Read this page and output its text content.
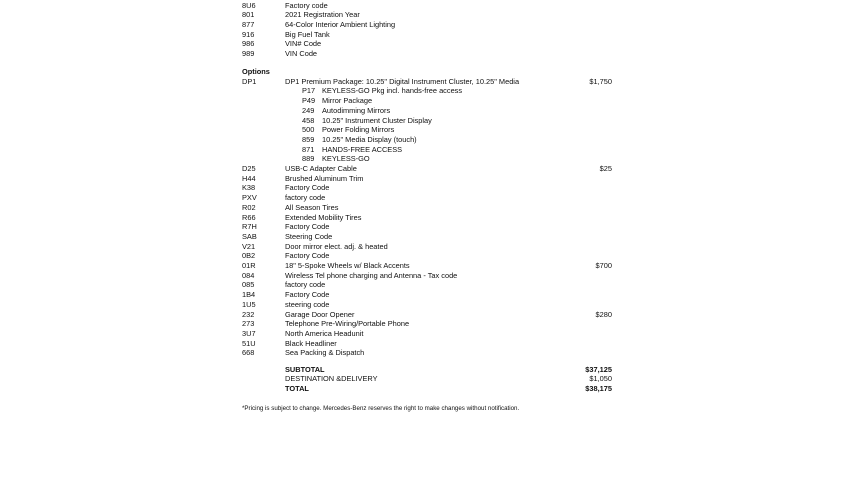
8U6	Factory code
801	2021 Registration Year
877	64-Color Interior Ambient Lighting
916	Big Fuel Tank
986	VIN# Code
989	VIN Code
Options
DP1	DP1 Premium Package: 10.25" Digital Instrument Cluster, 10.25" Media	$1,750
P17 KEYLESS-GO Pkg incl. hands-free access
P49 Mirror Package
249 Autodimming Mirrors
458 10.25" Instrument Cluster Display
500 Power Folding Mirrors
859 10.25" Media Display (touch)
871 HANDS-FREE ACCESS
889 KEYLESS-GO
D25	USB-C Adapter Cable	$25
H44	Brushed Aluminum Trim
K38	Factory Code
PXV	factory code
R02	All Season Tires
R66	Extended Mobility Tires
R7H	Factory Code
SAB	Steering Code
V21	Door mirror elect. adj. & heated
0B2	Factory Code
01R	18" 5-Spoke Wheels w/ Black Accents	$700
084	Wireless Tel phone charging and Antenna - Tax code
085	factory code
1B4	Factory Code
1U5	steering code
232	Garage Door Opener	$280
273	Telephone Pre-Wiring/Portable Phone
3U7	North America Headunit
51U	Black Headliner
668	Sea Packing & Dispatch
SUBTOTAL	$37,125
DESTINATION &DELIVERY	$1,050
TOTAL	$38,175
*Pricing is subject to change. Mercedes-Benz reserves the right to make changes without notification.
